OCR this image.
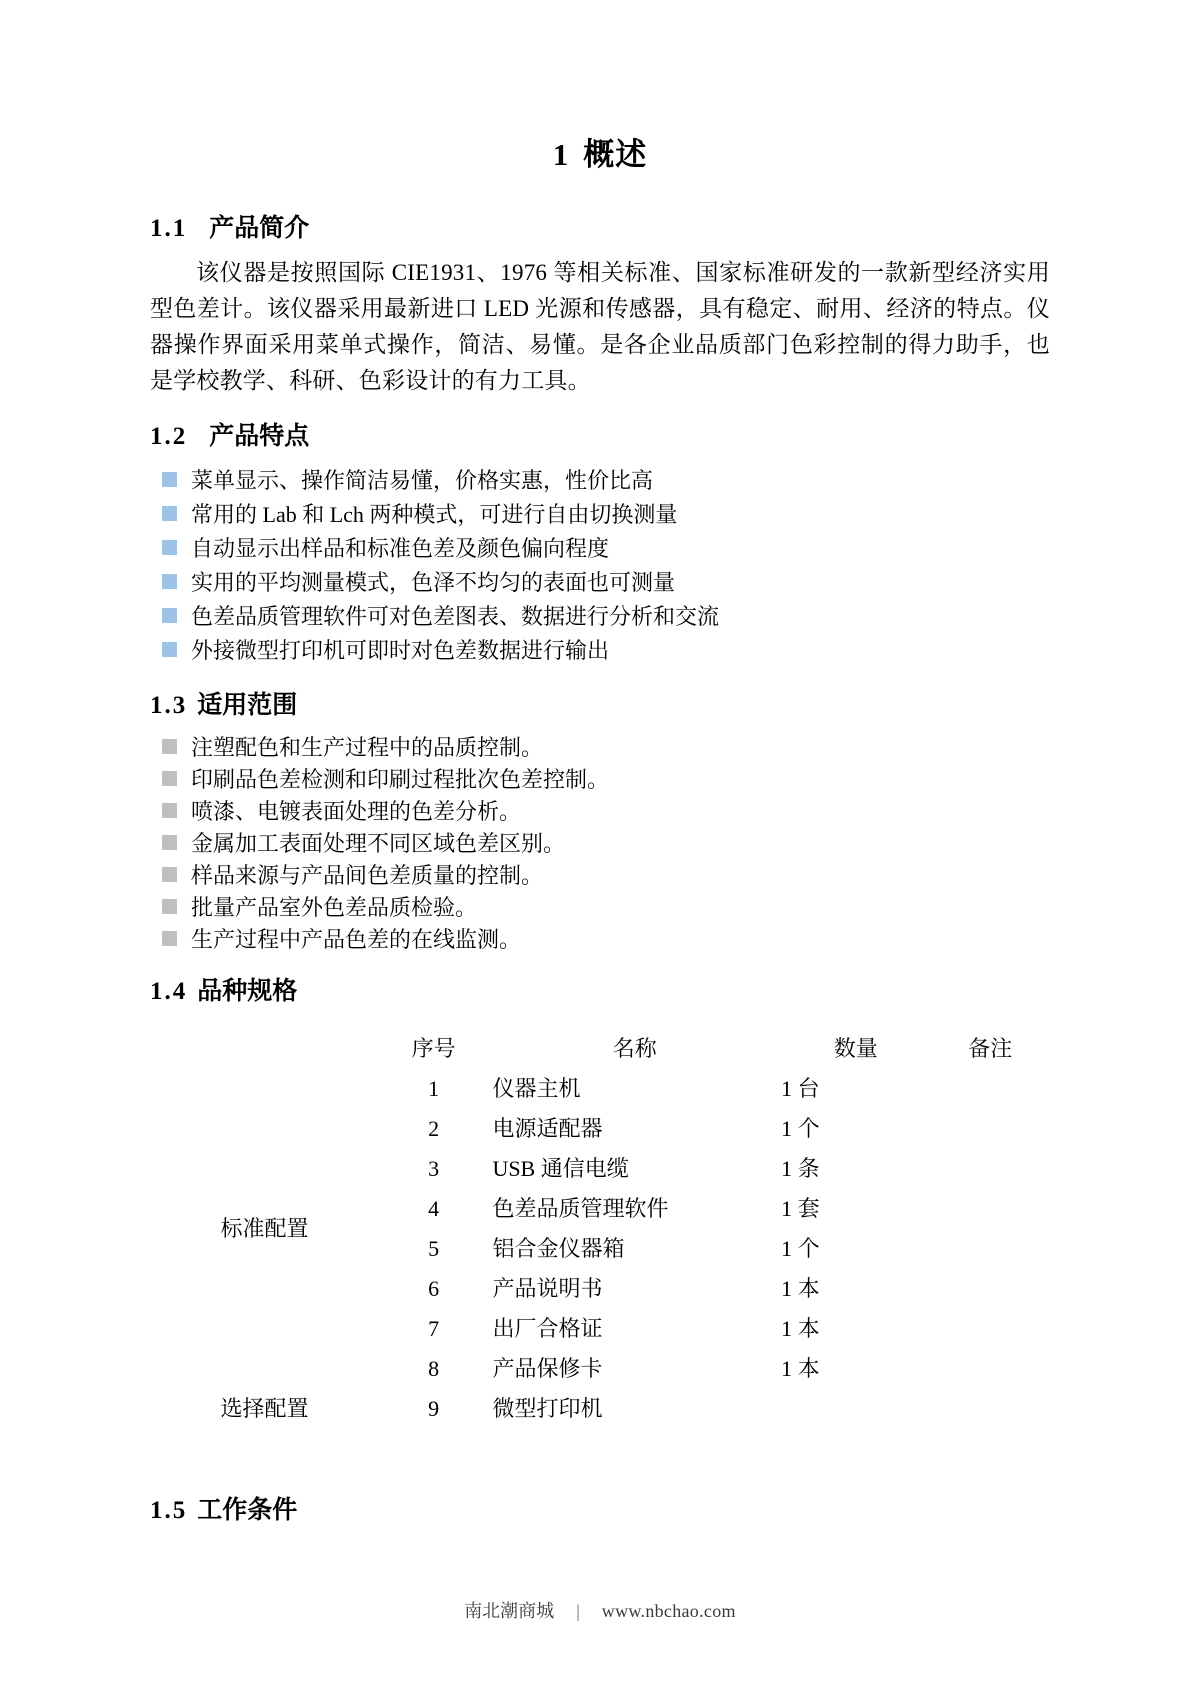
1 概述
1.1 产品简介

该仪器是按照国际 CIE1931、1976 等相关标准、国家标准研发的一款新型经济实用型色差计。该仪器采用最新进口 LED 光源和传感器，具有稳定、耐用、经济的特点。仪器操作界面采用菜单式操作，简洁、易懂。是各企业品质部门色彩控制的得力助手，也是学校教学、科研、色彩设计的有力工具。

1.2 产品特点
菜单显示、操作简洁易懂，价格实惠，性价比高
常用的 Lab 和 Lch 两种模式，可进行自由切换测量
自动显示出样品和标准色差及颜色偏向程度
实用的平均测量模式，色泽不均匀的表面也可测量
色差品质管理软件可对色差图表、数据进行分析和交流
外接微型打印机可即时对色差数据进行输出
1.3 适用范围
注塑配色和生产过程中的品质控制。
印刷品色差检测和印刷过程批次色差控制。
喷漆、电镀表面处理的色差分析。
金属加工表面处理不同区域色差区别。
样品来源与产品间色差质量的控制。
批量产品室外色差品质检验。
生产过程中产品色差的在线监测。
1.4 品种规格
	序号	名称	数量	备注
标准配置	1	仪器主机	1 台	
	2	电源适配器	1 个	
	3	USB 通信电缆	1 条	
	4	色差品质管理软件	1 套	
	5	铝合金仪器箱	1 个	
	6	产品说明书	1 本	
	7	出厂合格证	1 本	
	8	产品保修卡	1 本	
选择配置	9	微型打印机		
1.5 工作条件
南北潮商城 | www.nbchao.com
